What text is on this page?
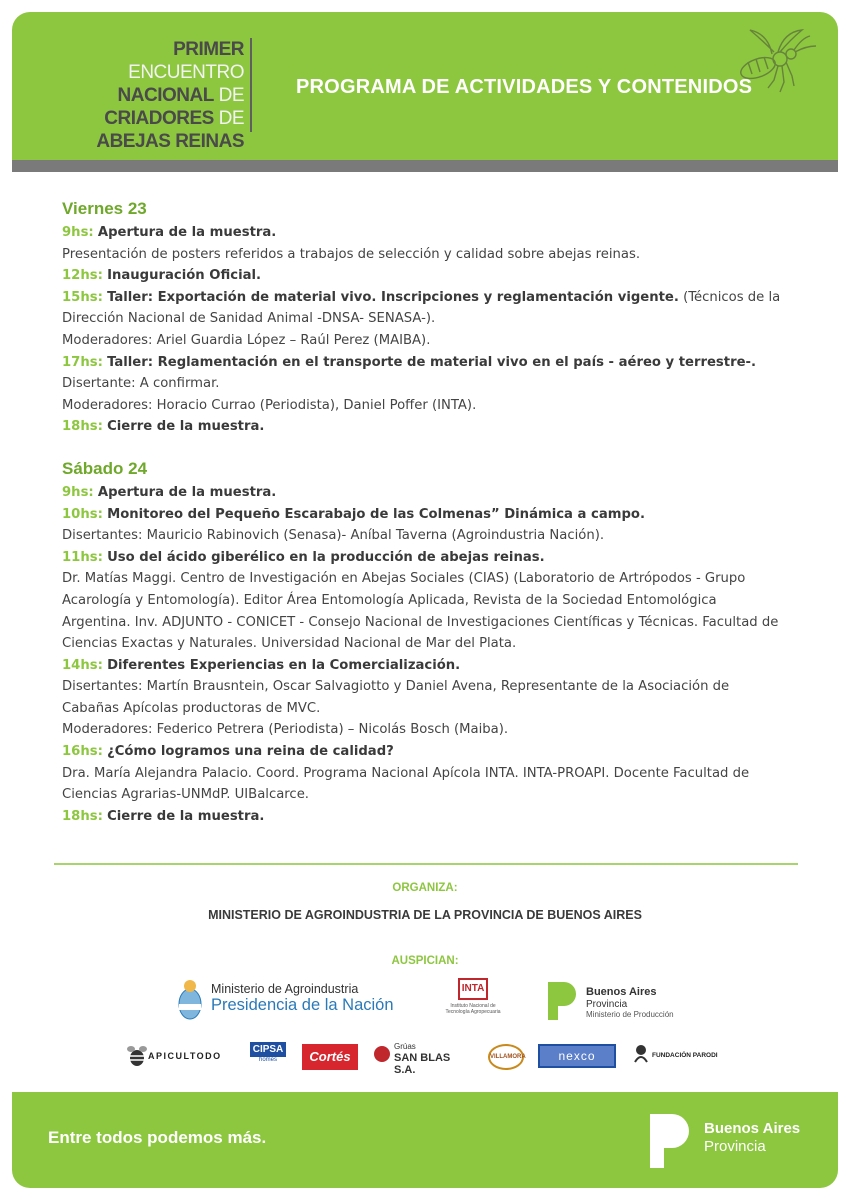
PRIMER ENCUENTRO
NACIONAL DE
CRIADORES DE
ABEJAS REINAS
PROGRAMA DE ACTIVIDADES Y CONTENIDOS
Viernes 23
9hs: Apertura de la muestra.
Presentación de posters referidos a trabajos de selección y calidad sobre abejas reinas.
12hs: Inauguración Oficial.
15hs: Taller: Exportación de material vivo. Inscripciones y reglamentación vigente. (Técnicos de la
Dirección Nacional de Sanidad Animal -DNSA- SENASA-).
Moderadores: Ariel Guardia López – Raúl Perez (MAIBA).
17hs: Taller: Reglamentación en el transporte de material vivo en el país - aéreo y terrestre-.
Disertante: A confirmar.
Moderadores: Horacio Currao (Periodista), Daniel Poffer (INTA).
18hs: Cierre de la muestra.
Sábado 24
9hs: Apertura de la muestra.
10hs: Monitoreo del Pequeño Escarabajo de las Colmenas” Dinámica a campo.
Disertantes: Mauricio Rabinovich (Senasa)- Aníbal Taverna (Agroindustria Nación).
11hs: Uso del ácido giberélico en la producción de abejas reinas.
Dr. Matías Maggi. Centro de Investigación en Abejas Sociales (CIAS) (Laboratorio de Artrópodos - Grupo
Acarología y Entomología). Editor Área Entomología Aplicada, Revista de la Sociedad Entomológica
Argentina. Inv. ADJUNTO - CONICET - Consejo Nacional de Investigaciones Científicas y Técnicas. Facultad de
Ciencias Exactas y Naturales. Universidad Nacional de Mar del Plata.
14hs: Diferentes Experiencias en la Comercialización.
Disertantes: Martín Brausntein, Oscar Salvagiotto y Daniel Avena, Representante de la Asociación de
Cabañas Apícolas productoras de MVC.
Moderadores: Federico Petrera (Periodista) – Nicolás Bosch (Maiba).
16hs: ¿Cómo logramos una reina de calidad?
Dra. María Alejandra Palacio. Coord. Programa Nacional Apícola INTA. INTA-PROAPI. Docente Facultad de
Ciencias Agrarias-UNMdP. UIBalcarce.
18hs: Cierre de la muestra.
ORGANIZA:
MINISTERIO DE AGROINDUSTRIA DE LA PROVINCIA DE BUENOS AIRES
AUSPICIAN:
Ministerio de Agroindustria
Presidencia de la Nación
INTA
Instituto Nacional de Tecnología Agropecuaria
Buenos Aires
Provincia
Ministerio de Producción
APICULTODO
CIPSA
homes	Cortés
Grúas
SAN BLAS S.A.
VILLAMORA	nexco	FUNDACIÓN PARODI
Entre todos podemos más.	Buenos Aires
Provincia
